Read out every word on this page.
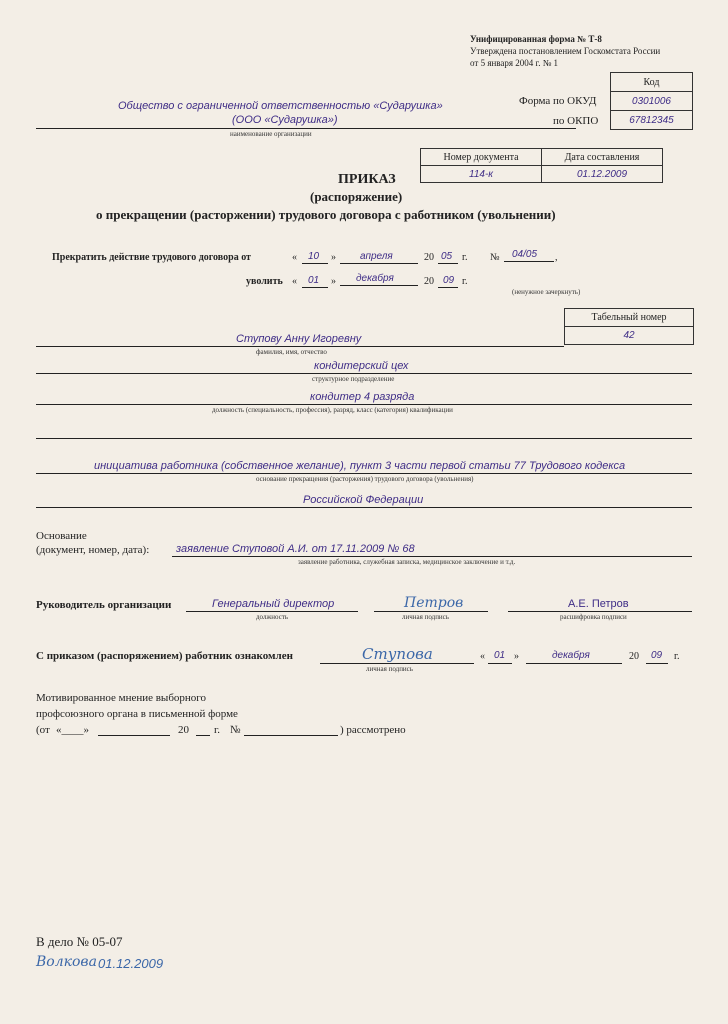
Унифицированная форма № Т-8
Утверждена постановлением Госкомстата России
от 5 января 2004 г. № 1
Код
0301006
67812345
Форма по ОКУД
по ОКПО
Общество с ограниченной ответственностью «Сударушка»
(ООО «Сударушка»)
наименование организации
Номер документа	Дата составления
114-к	01.12.2009
ПРИКАЗ
(распоряжение)
о прекращении (расторжении) трудового договора с работником (увольнении)
Прекратить действие трудового договора от	« 10 » апреля	20 05 г. № 04/05 ,
уволить « 01 » декабря	20 09 г.
(ненужное зачеркнуть)
Табельный номер
42
Ступову Анну Игоревну
фамилия, имя, отчество
кондитерский цех
структурное подразделение
кондитер 4 разряда
должность (специальность, профессия), разряд, класс (категория) квалификации
инициатива работника (собственное желание), пункт 3 части первой статьи 77 Трудового кодекса
основание прекращения (расторжения) трудового договора (увольнения)
Российской Федерации
Основание
(документ, номер, дата): заявление Ступовой А.И. от 17.11.2009 № 68
заявление работника, служебная записка, медицинское заключение и т.д.
Руководитель организации	Генеральный директор
должность
Петров
личная подпись
А.Е. Петров
расшифровка подписи
С приказом (распоряжением) работник ознакомлен	Ступова
личная подпись
« 01 »	декабря	20 09 г.
Мотивированное мнение выборного
профсоюзного органа в письменной форме
(от «____»	20 г. №	) рассмотрено
В дело № 05-07
Волкова 01.12.2009
